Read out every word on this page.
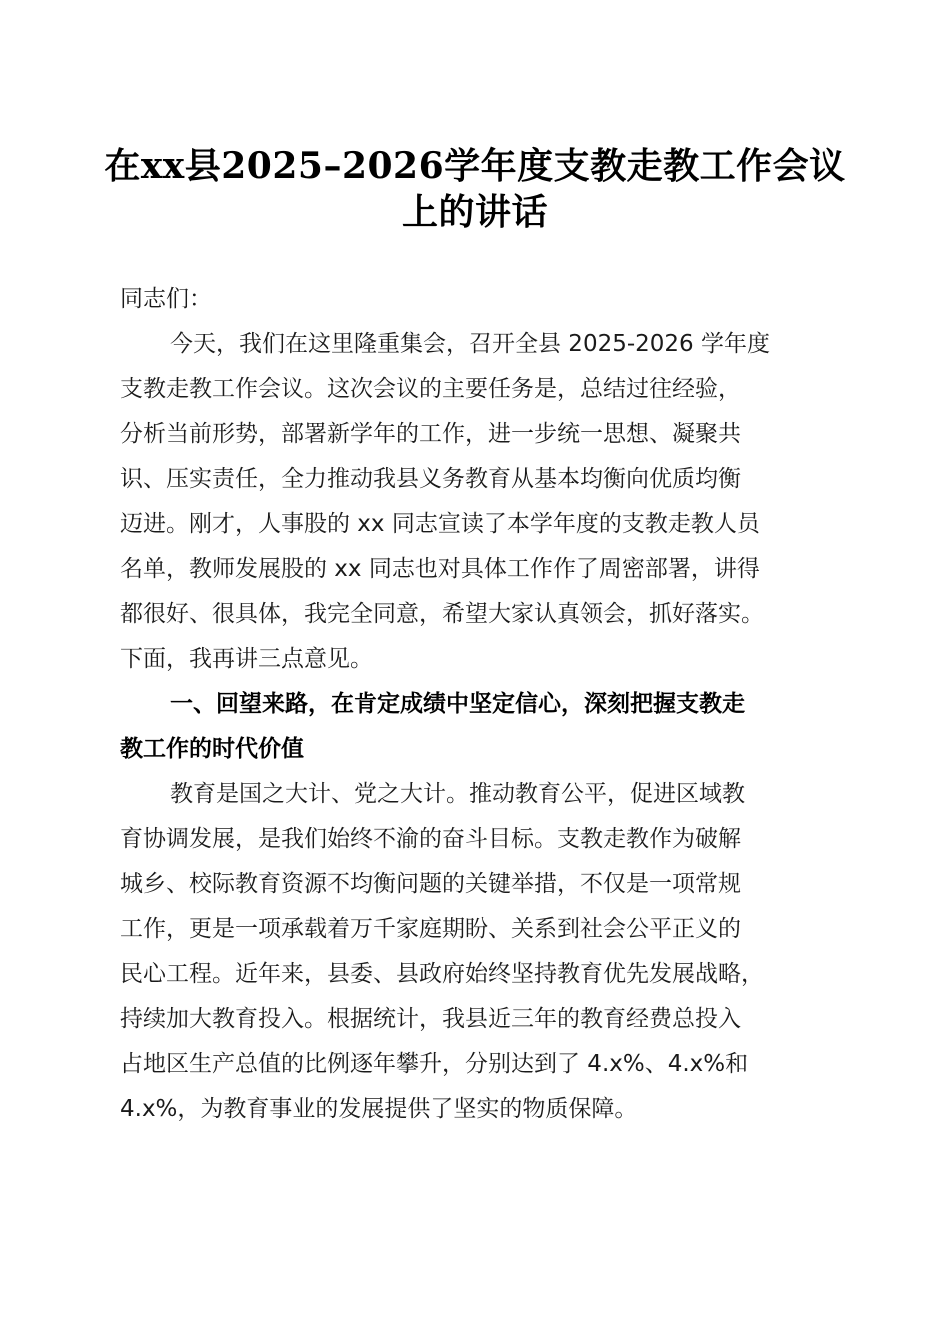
在xx县2025–2026学年度支教走教工作会议
上的讲话
同志们：
今天，我们在这里隆重集会，召开全县 2025-2026 学年度
支教走教工作会议。这次会议的主要任务是，总结过往经验，
分析当前形势，部署新学年的工作，进一步统一思想、凝聚共
识、压实责任，全力推动我县义务教育从基本均衡向优质均衡
迈进。刚才，人事股的 xx 同志宣读了本学年度的支教走教人员
名单，教师发展股的 xx 同志也对具体工作作了周密部署，讲得
都很好、很具体，我完全同意，希望大家认真领会，抓好落实。
下面，我再讲三点意见。
一、回望来路，在肯定成绩中坚定信心，深刻把握支教走
教工作的时代价值
教育是国之大计、党之大计。推动教育公平，促进区域教
育协调发展，是我们始终不渝的奋斗目标。支教走教作为破解
城乡、校际教育资源不均衡问题的关键举措，不仅是一项常规
工作，更是一项承载着万千家庭期盼、关系到社会公平正义的
民心工程。近年来，县委、县政府始终坚持教育优先发展战略，
持续加大教育投入。根据统计，我县近三年的教育经费总投入
占地区生产总值的比例逐年攀升，分别达到了 4.x%、4.x%和
4.x%，为教育事业的发展提供了坚实的物质保障。
